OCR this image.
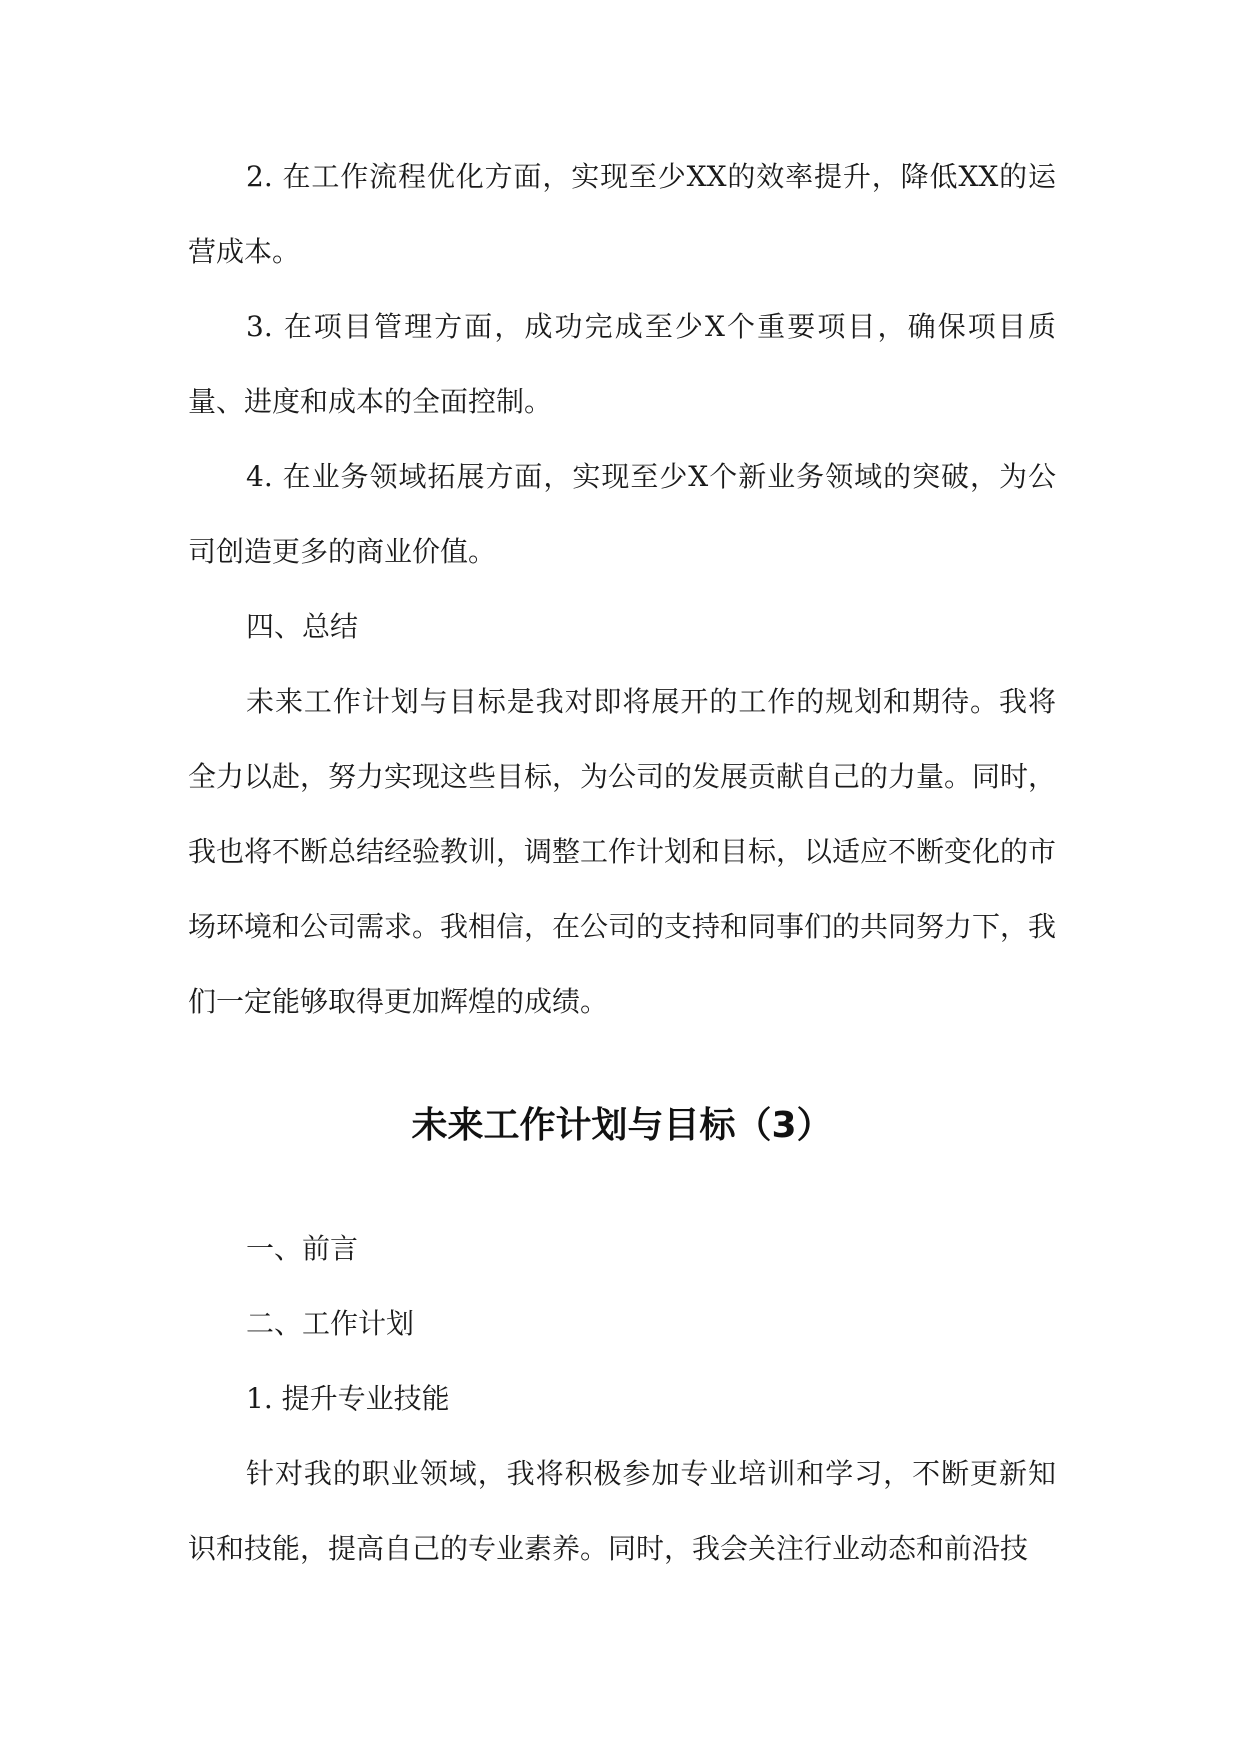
2. 在工作流程优化方面，实现至少XX的效率提升，降低XX的运营成本。

3. 在项目管理方面，成功完成至少X个重要项目，确保项目质量、进度和成本的全面控制。

4. 在业务领域拓展方面，实现至少X个新业务领域的突破，为公司创造更多的商业价值。

四、总结

未来工作计划与目标是我对即将展开的工作的规划和期待。我将全力以赴，努力实现这些目标，为公司的发展贡献自己的力量。同时，我也将不断总结经验教训，调整工作计划和目标，以适应不断变化的市场环境和公司需求。我相信，在公司的支持和同事们的共同努力下，我们一定能够取得更加辉煌的成绩。

未来工作计划与目标（3）

一、前言

二、工作计划

1. 提升专业技能

针对我的职业领域，我将积极参加专业培训和学习，不断更新知识和技能，提高自己的专业素养。同时，我会关注行业动态和前沿技
